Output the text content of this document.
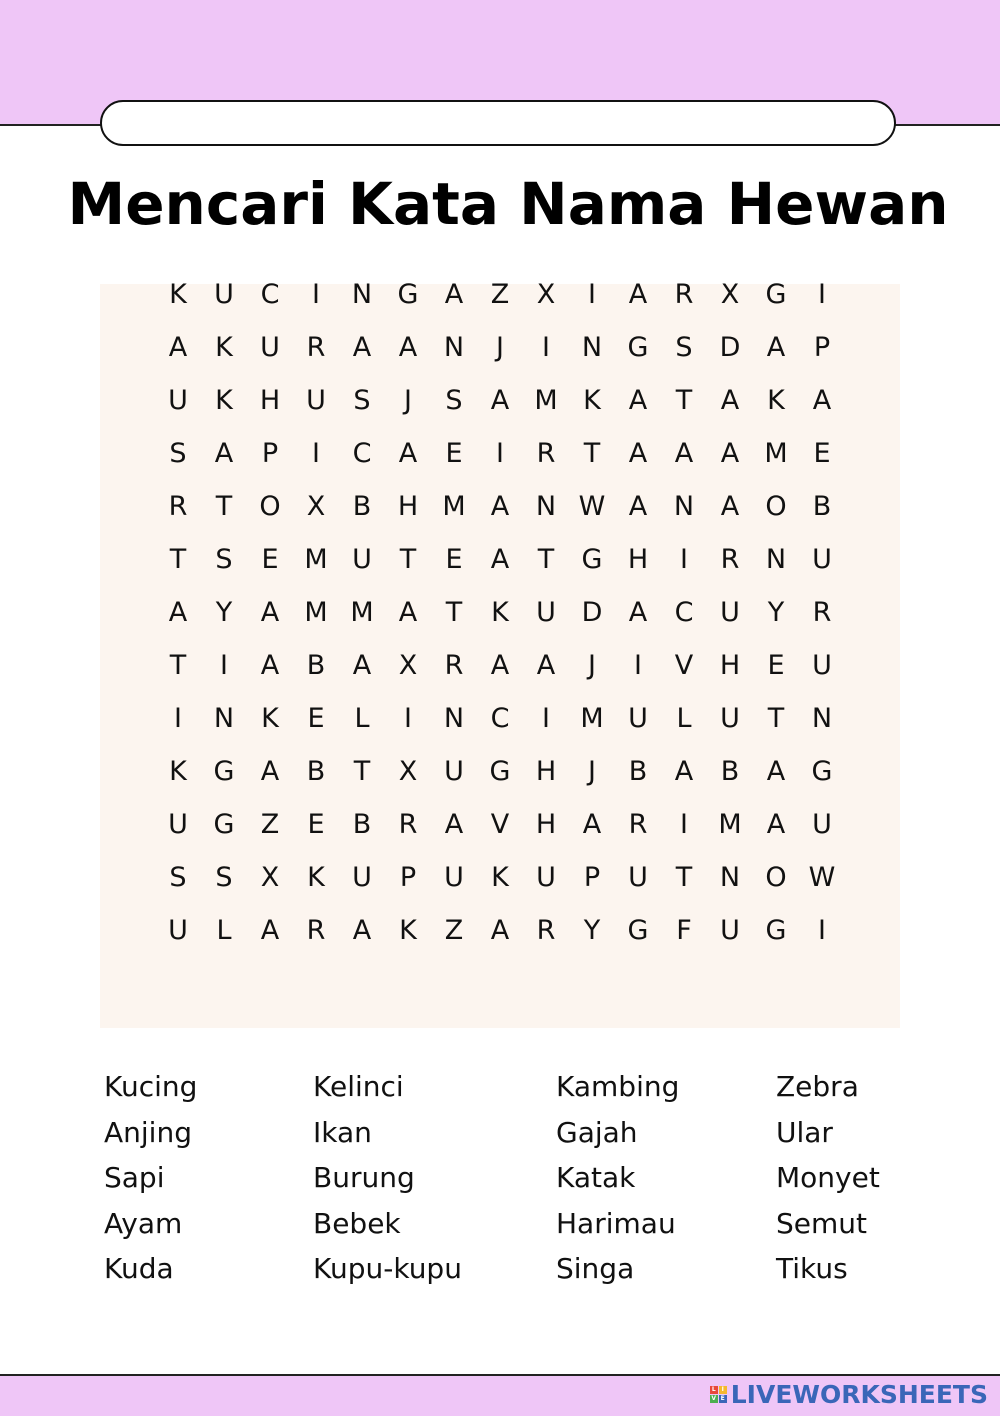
Mencari Kata Nama Hewan
K	U C	I	N G A	Z	X	I	A	R	X G	I
A	K	U R	A	A N	J	I	N G S	D A	P
U	K H U	S	J	S	A M K	A	T	A	K	A
S	A	P	I	C	A	E	I	R	T	A	A	A M E
R	T	O X	B H M A N W A N A O B
T	S	E M U	T	E	A	T	G H	I	R N U
A	Y	A M M A	T	K	U D A	C U	Y	R
T	I	A	B	A	X	R	A	A	J	I	V H	E	U
I	N	K	E	L	I	N C	I	M U	L	U	T	N
K G A	B	T	X U G H	J	B	A	B	A G
U G Z	E	B	R	A	V H A	R	I	M A U
S	S	X	K	U	P	U	K	U	P	U	T	N O W
U	L	A	R	A	K	Z	A	R	Y	G	F	U G	I
Kucing
Anjing
Sapi
Ayam
Kuda
Kelinci
Ikan
Burung
Bebek
Kupu-kupu
Kambing
Gajah
Katak
Harimau
Singa
Zebra
Ular
Monyet
Semut
Tikus
L I
V E LIVEWORKSHEETS
